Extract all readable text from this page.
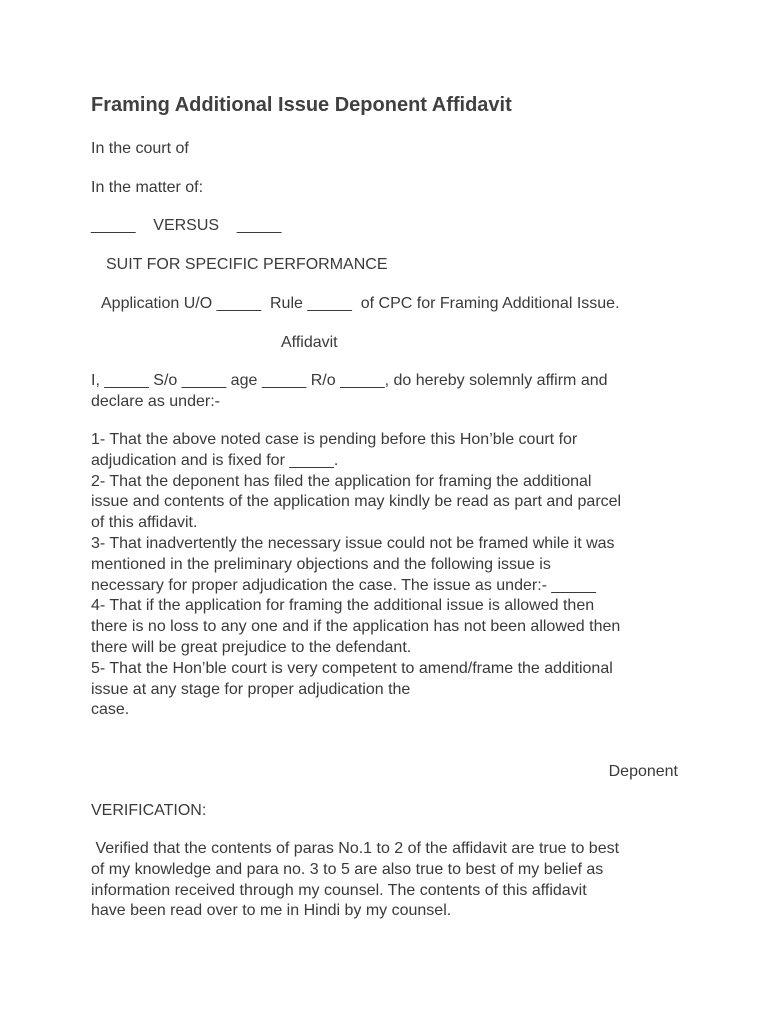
Framing Additional Issue Deponent Affidavit
In the court of
In the matter of:
_____    VERSUS    _____
SUIT FOR SPECIFIC PERFORMANCE
Application U/O _____  Rule _____  of CPC for Framing Additional Issue.
Affidavit
I, _____ S/o _____ age _____ R/o _____, do hereby solemnly affirm and
declare as under:-
1- That the above noted case is pending before this Hon’ble court for
adjudication and is fixed for _____.
2- That the deponent has filed the application for framing the additional
issue and contents of the application may kindly be read as part and parcel
of this affidavit.
3- That inadvertently the necessary issue could not be framed while it was
mentioned in the preliminary objections and the following issue is
necessary for proper adjudication the case. The issue as under:- _____
4- That if the application for framing the additional issue is allowed then
there is no loss to any one and if the application has not been allowed then
there will be great prejudice to the defendant.
5- That the Hon’ble court is very competent to amend/frame the additional
issue at any stage for proper adjudication the
case.
Deponent
VERIFICATION:
Verified that the contents of paras No.1 to 2 of the affidavit are true to best
of my knowledge and para no. 3 to 5 are also true to best of my belief as
information received through my counsel. The contents of this affidavit
have been read over to me in Hindi by my counsel.
